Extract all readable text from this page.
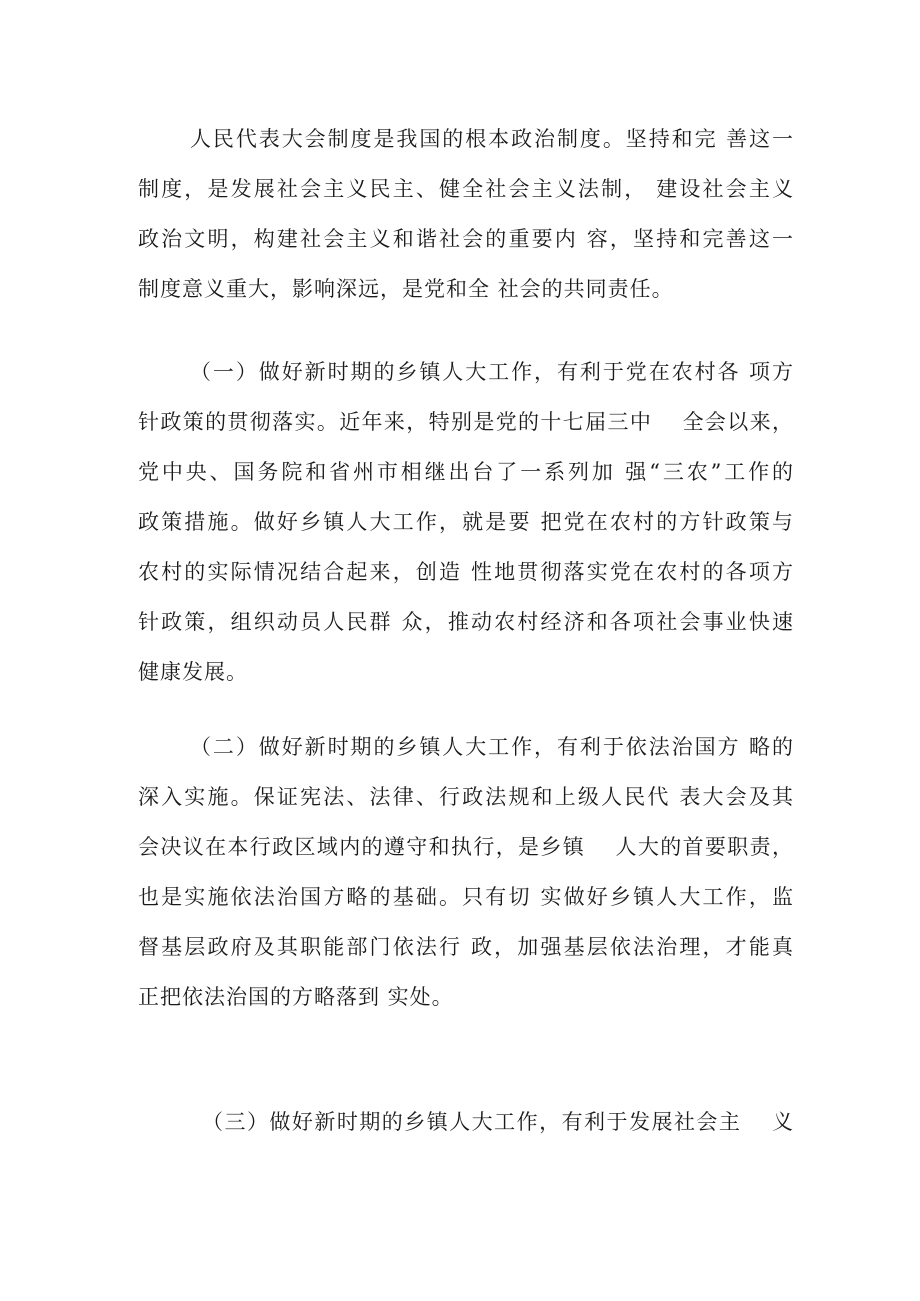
人民代表大会制度是我国的根本政治制度。坚持和完 善这一
制度，是发展社会主义民主、健全社会主义法制， 建设社会主义
政治文明，构建社会主义和谐社会的重要内 容，坚持和完善这一
制度意义重大，影响深远，是党和全 社会的共同责任。
（一）做好新时期的乡镇人大工作，有利于党在农村各 项方
针政策的贯彻落实。近年来，特别是党的十七届三中　 全会以来，
党中央、国务院和省州市相继出台了一系列加 强“三农”工作的
政策措施。做好乡镇人大工作，就是要 把党在农村的方针政策与
农村的实际情况结合起来，创造 性地贯彻落实党在农村的各项方
针政策，组织动员人民群 众，推动农村经济和各项社会事业快速
健康发展。
（二）做好新时期的乡镇人大工作，有利于依法治国方 略的
深入实施。保证宪法、法律、行政法规和上级人民代 表大会及其
会决议在本行政区域内的遵守和执行，是乡镇　 人大的首要职责，
也是实施依法治国方略的基础。只有切 实做好乡镇人大工作，监
督基层政府及其职能部门依法行 政，加强基层依法治理，才能真
正把依法治国的方略落到 实处。
（三）做好新时期的乡镇人大工作，有利于发展社会主　 义
